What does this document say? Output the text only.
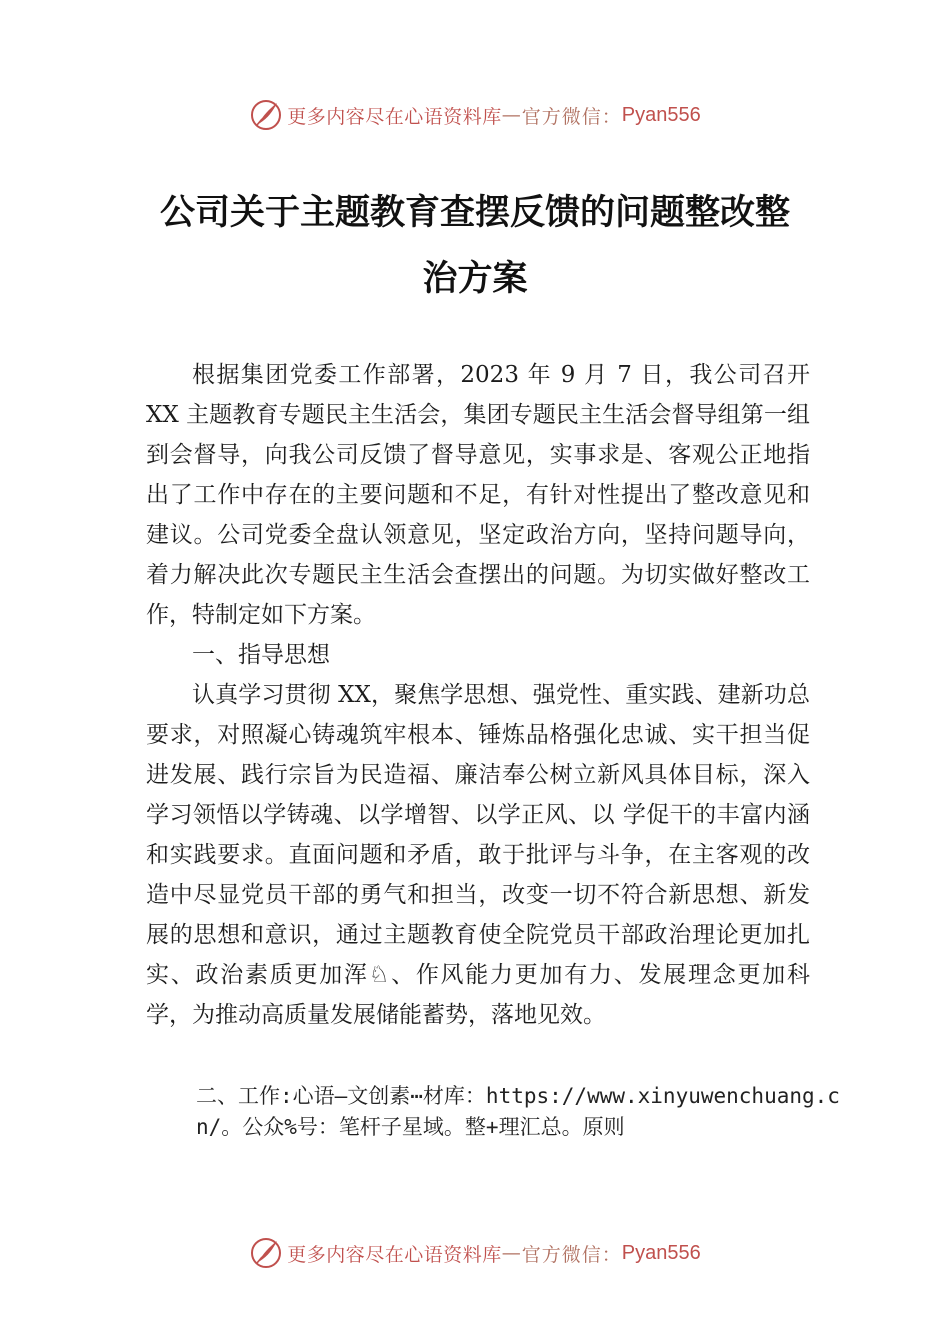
更多内容尽在心语资料库 — 官方微信： Pyan556
公司关于主题教育查摆反馈的问题整改整
治方案

根据集团党委工作部署，2023 年 9 月 7 日，我公司召开 XX 主题教育专题民主生活会，集团专题民主生活会督导组第一组到会督导，向我公司反馈了督导意见，实事求是、客观公正地指出了工作中存在的主要问题和不足，有针对性提出了整改意见和建议。公司党委全盘认领意见，坚定政治方向，坚持问题导向，着力解决此次专题民主生活会查摆出的问题。为切实做好整改工作，特制定如下方案。

一、指导思想

认真学习贯彻 XX，聚焦学思想、强党性、重实践、建新功总要求，对照凝心铸魂筑牢根本、锤炼品格强化忠诚、实干担当促进发展、践行宗旨为民造福、廉洁奉公树立新风具体目标，深入学习领悟以学铸魂、以学增智、以学正风、以 学促干的丰富内涵和实践要求。直面问题和矛盾，敢于批评与斗争，在主客观的改造中尽显党员干部的勇气和担当，改变一切不符合新思想、新发展的思想和意识，通过主题教育使全院党员干部政治理论更加扎实、政治素质更加浑♘、作风能力更加有力、发展理念更加科学，为推动高质量发展储能蓄势，落地见效。

二、工作:心语—文创素⋯材库：https://www.xinyuwenchuang.cn/。公众%号：笔杆子星域。整+理汇总。原则
更多内容尽在心语资料库 — 官方微信： Pyan556
